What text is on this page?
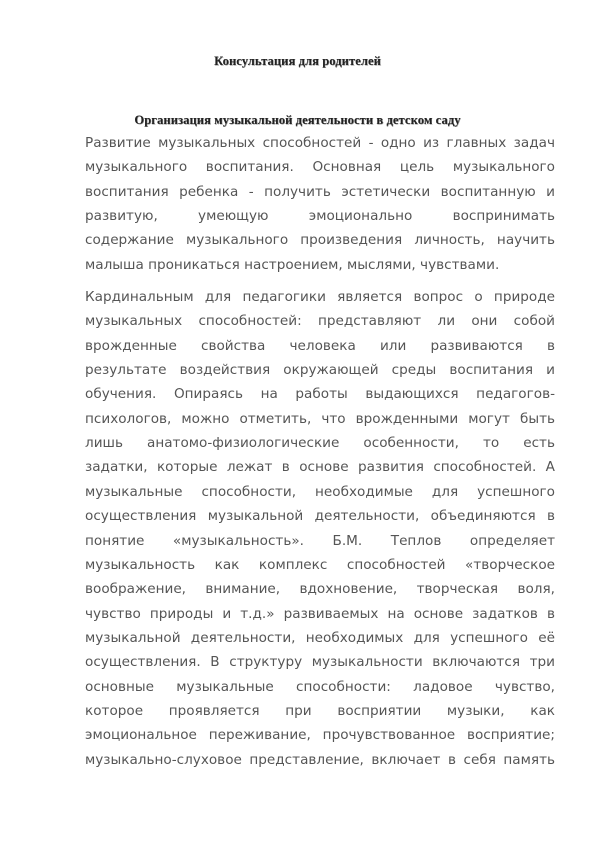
Консультация для родителей
Организация музыкальной деятельности в детском саду
Развитие музыкальных способностей - одно из главных задач
музыкального воспитания. Основная цель музыкального
воспитания ребенка - получить эстетически воспитанную и
развитую, умеющую эмоционально воспринимать
содержание музыкального произведения личность, научить
малыша проникаться настроением, мыслями, чувствами.
Кардинальным для педагогики является вопрос о природе
музыкальных способностей: представляют ли они собой
врожденные свойства человека или развиваются в
результате воздействия окружающей среды воспитания и
обучения. Опираясь на работы выдающихся педагогов-
психологов, можно отметить, что врожденными могут быть
лишь анатомо-физиологические особенности, то есть
задатки, которые лежат в основе развития способностей. А
музыкальные способности, необходимые для успешного
осуществления музыкальной деятельности, объединяются в
понятие «музыкальность». Б.М. Теплов определяет
музыкальность как комплекс способностей «творческое
воображение, внимание, вдохновение, творческая воля,
чувство природы и т.д.» развиваемых на основе задатков в
музыкальной деятельности, необходимых для успешного её
осуществления. В структуру музыкальности включаются три
основные музыкальные способности: ладовое чувство,
которое проявляется при восприятии музыки, как
эмоциональное переживание, прочувствованное восприятие;
музыкально-слуховое представление, включает в себя память
